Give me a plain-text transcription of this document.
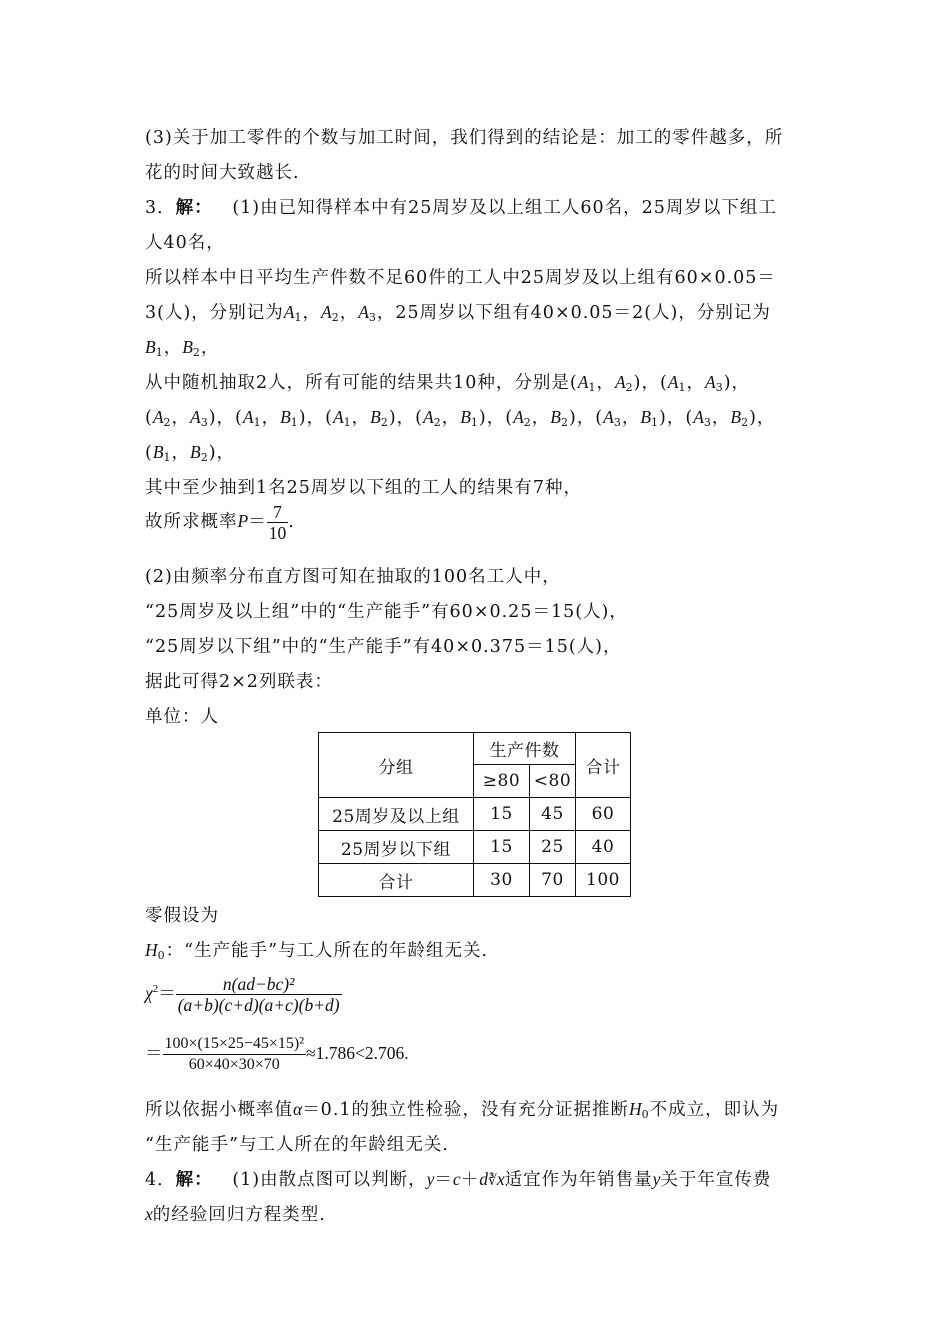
(3)关于加工零件的个数与加工时间，我们得到的结论是：加工的零件越多，所
花的时间大致越长.
3．解： (1)由已知得样本中有25周岁及以上组工人60名，25周岁以下组工
人40名，
所以样本中日平均生产件数不足60件的工人中25周岁及以上组有60×0.05＝
3(人)，分别记为$A_1$，$A_2$，$A_3$，25周岁以下组有40×0.05＝2(人)，分别记为
$B_1$，$B_2$，
从中随机抽取2人，所有可能的结果共10种，分别是($A_1$，$A_2$)，($A_1$，$A_3$)，
($A_2$，$A_3$)，($A_1$，$B_1$)，($A_1$，$B_2$)，($A_2$，$B_1$)，($A_2$，$B_2$)，($A_3$，$B_1$)，($A_3$，$B_2$)，
($B_1$，$B_2$)，
其中至少抽到1名25周岁以下组的工人的结果有7种，
故所求概率$P= \frac{7}{10}$ .
(2)由频率分布直方图可知在抽取的100名工人中，
“25周岁及以上组”中的“生产能手”有60×0.25＝15(人)，
“25周岁以下组”中的“生产能手”有40×0.375＝15(人)，
据此可得2×2列联表：
单位：人
分组	生产件数		合计
	≥80	<80	
25周岁及以上组	15	45	60
25周岁以下组	15	25	40
合计	30	70	100
零假设为
$H_0$：“生产能手”与工人所在的年龄组无关.
$\chi^2= \frac{\text{n(ad−bc)²}}{(a+b)(c+d)(a+c)(b+d)}$
＝ $\frac{\text{100×(15×25−45×15)²}}{60\times 40\times 30\times 70} \approx 1.786<2.706$.
所以依据小概率值α＝0.1的独立性检验，没有充分证据推断$H_0$不成立，即认为
“生产能手”与工人所在的年龄组无关.
4．解： (1)由散点图可以判断，y＝c＋d∛x适宜作为年销售量y关于年宣传费
x的经验回归方程类型.
